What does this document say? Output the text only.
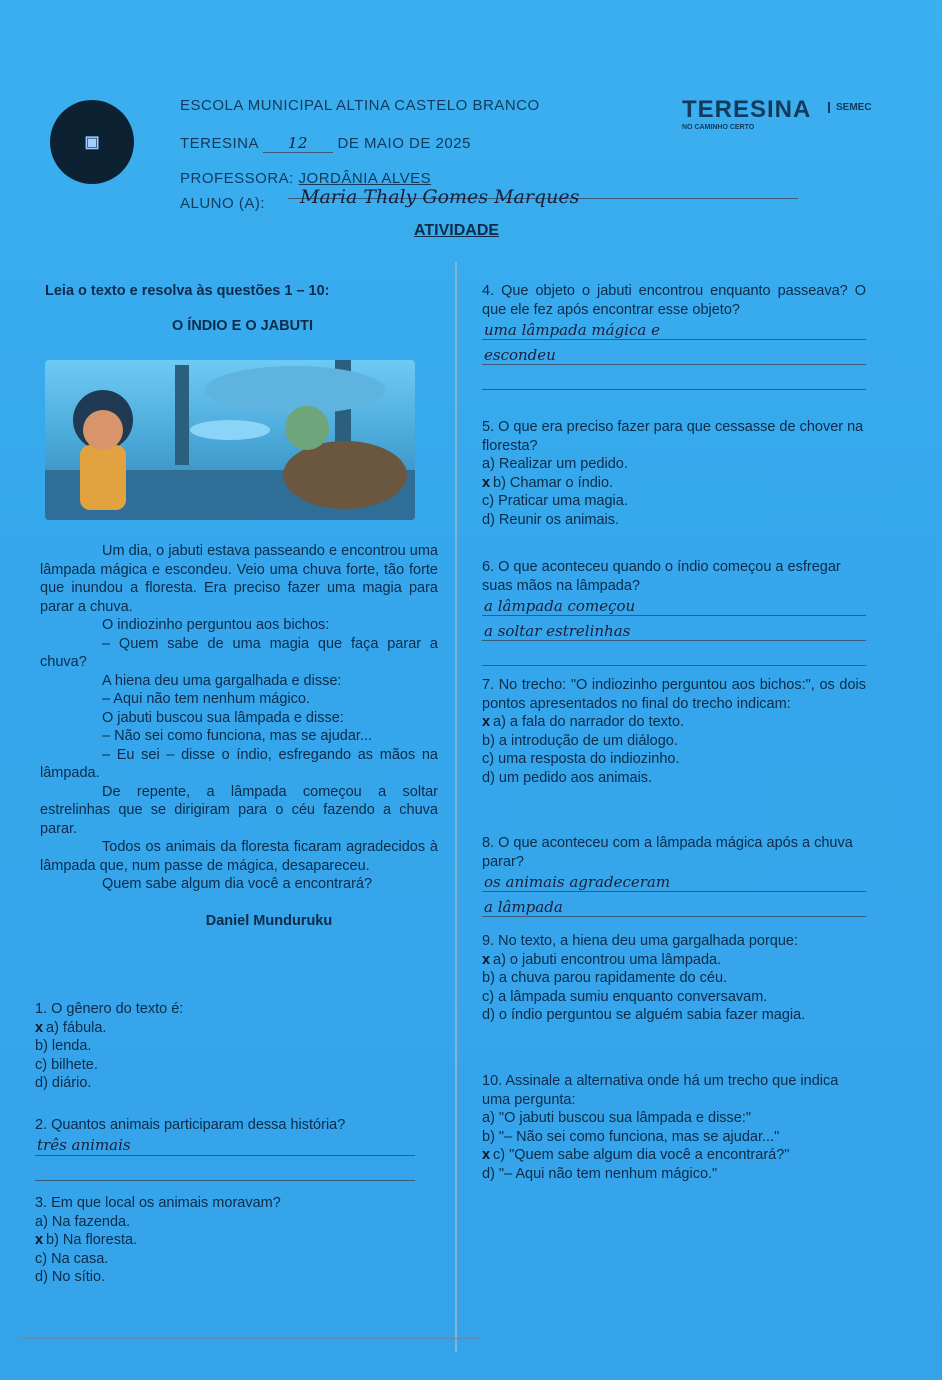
▣
ESCOLA MUNICIPAL ALTINA CASTELO BRANCO
TERESINA 12 DE MAIO DE 2025
PROFESSORA: JORDÂNIA ALVES
ALUNO (A): Maria Thaly Gomes Marques
TERESINA
NO CAMINHO CERTO
SEMEC
ATIVIDADE

Leia o texto e resolva às questões 1 – 10:

O ÍNDIO E O JABUTI

Um dia, o jabuti estava passeando e encontrou uma lâmpada mágica e escondeu. Veio uma chuva forte, tão forte que inundou a floresta. Era preciso fazer uma magia para parar a chuva.

O indiozinho perguntou aos bichos:

– Quem sabe de uma magia que faça parar a chuva?

A hiena deu uma gargalhada e disse:

– Aqui não tem nenhum mágico.

O jabuti buscou sua lâmpada e disse:

– Não sei como funciona, mas se ajudar...

– Eu sei – disse o índio, esfregando as mãos na lâmpada.

De repente, a lâmpada começou a soltar estrelinhas que se dirigiram para o céu fazendo a chuva parar.

Todos os animais da floresta ficaram agradecidos à lâmpada que, num passe de mágica, desapareceu.

Quem sabe algum dia você a encontrará?

Daniel Munduruku

1. O gênero do texto é:

x a) fábula.

b) lenda.

c) bilhete.

d) diário.

2. Quantos animais participaram dessa história?

três animais

3. Em que local os animais moravam?

a) Na fazenda.

x b) Na floresta.

c) Na casa.

d) No sítio.

4. Que objeto o jabuti encontrou enquanto passeava? O que ele fez após encontrar esse objeto?

uma lâmpada mágica e
escondeu

5. O que era preciso fazer para que cessasse de chover na floresta?

a) Realizar um pedido.

x b) Chamar o índio.

c) Praticar uma magia.

d) Reunir os animais.

6. O que aconteceu quando o índio começou a esfregar suas mãos na lâmpada?

a lâmpada começou
a soltar estrelinhas

7. No trecho: "O indiozinho perguntou aos bichos:", os dois pontos apresentados no final do trecho indicam:

x a) a fala do narrador do texto.

b) a introdução de um diálogo.

c) uma resposta do indiozinho.

d) um pedido aos animais.

8. O que aconteceu com a lâmpada mágica após a chuva parar?

os animais agradeceram
a lâmpada

9. No texto, a hiena deu uma gargalhada porque:

x a) o jabuti encontrou uma lâmpada.

b) a chuva parou rapidamente do céu.

c) a lâmpada sumiu enquanto conversavam.

d) o índio perguntou se alguém sabia fazer magia.

10. Assinale a alternativa onde há um trecho que indica uma pergunta:

a) "O jabuti buscou sua lâmpada e disse:"

b) "– Não sei como funciona, mas se ajudar..."

x c) "Quem sabe algum dia você a encontrará?"

d) "– Aqui não tem nenhum mágico."
